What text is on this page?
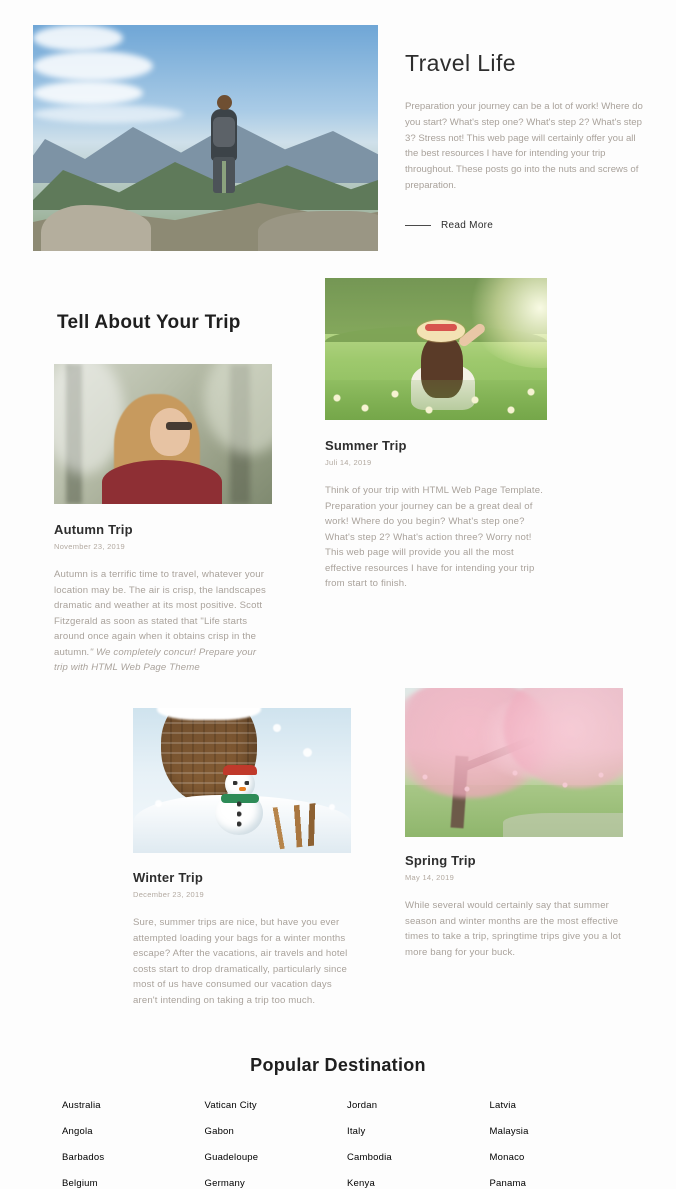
Travel Life

Preparation your journey can be a lot of work! Where do you start? What's step one? What's step 2? What's step 3? Stress not! This web page will certainly offer you all the best resources I have for intending your trip throughout. These posts go into the nuts and screws of preparation.

Read More
Tell About Your Trip
Autumn Trip

November 23, 2019

Autumn is a terrific time to travel, whatever your location may be. The air is crisp, the landscapes dramatic and weather at its most positive. Scott Fitzgerald as soon as stated that "Life starts around once again when it obtains crisp in the autumn." We completely concur! Prepare your trip with HTML Web Page Theme

Summer Trip

Juli 14, 2019

Think of your trip with HTML Web Page Template. Preparation your journey can be a great deal of work! Where do you begin? What's step one? What's step 2? What's action three? Worry not! This web page will provide you all the most effective resources I have for intending your trip from start to finish.

Winter Trip

December 23, 2019

Sure, summer trips are nice, but have you ever attempted loading your bags for a winter months escape? After the vacations, air travels and hotel costs start to drop dramatically, particularly since most of us have consumed our vacation days aren't intending on taking a trip too much.

Spring Trip

May 14, 2019

While several would certainly say that summer season and winter months are the most effective times to take a trip, springtime trips give you a lot more bang for your buck.

Popular Destination
Australia	Vatican City	Jordan	Latvia
Angola	Gabon	Italy	Malaysia
Barbados	Guadeloupe	Cambodia	Monaco
Belgium	Germany	Kenya	Panama
